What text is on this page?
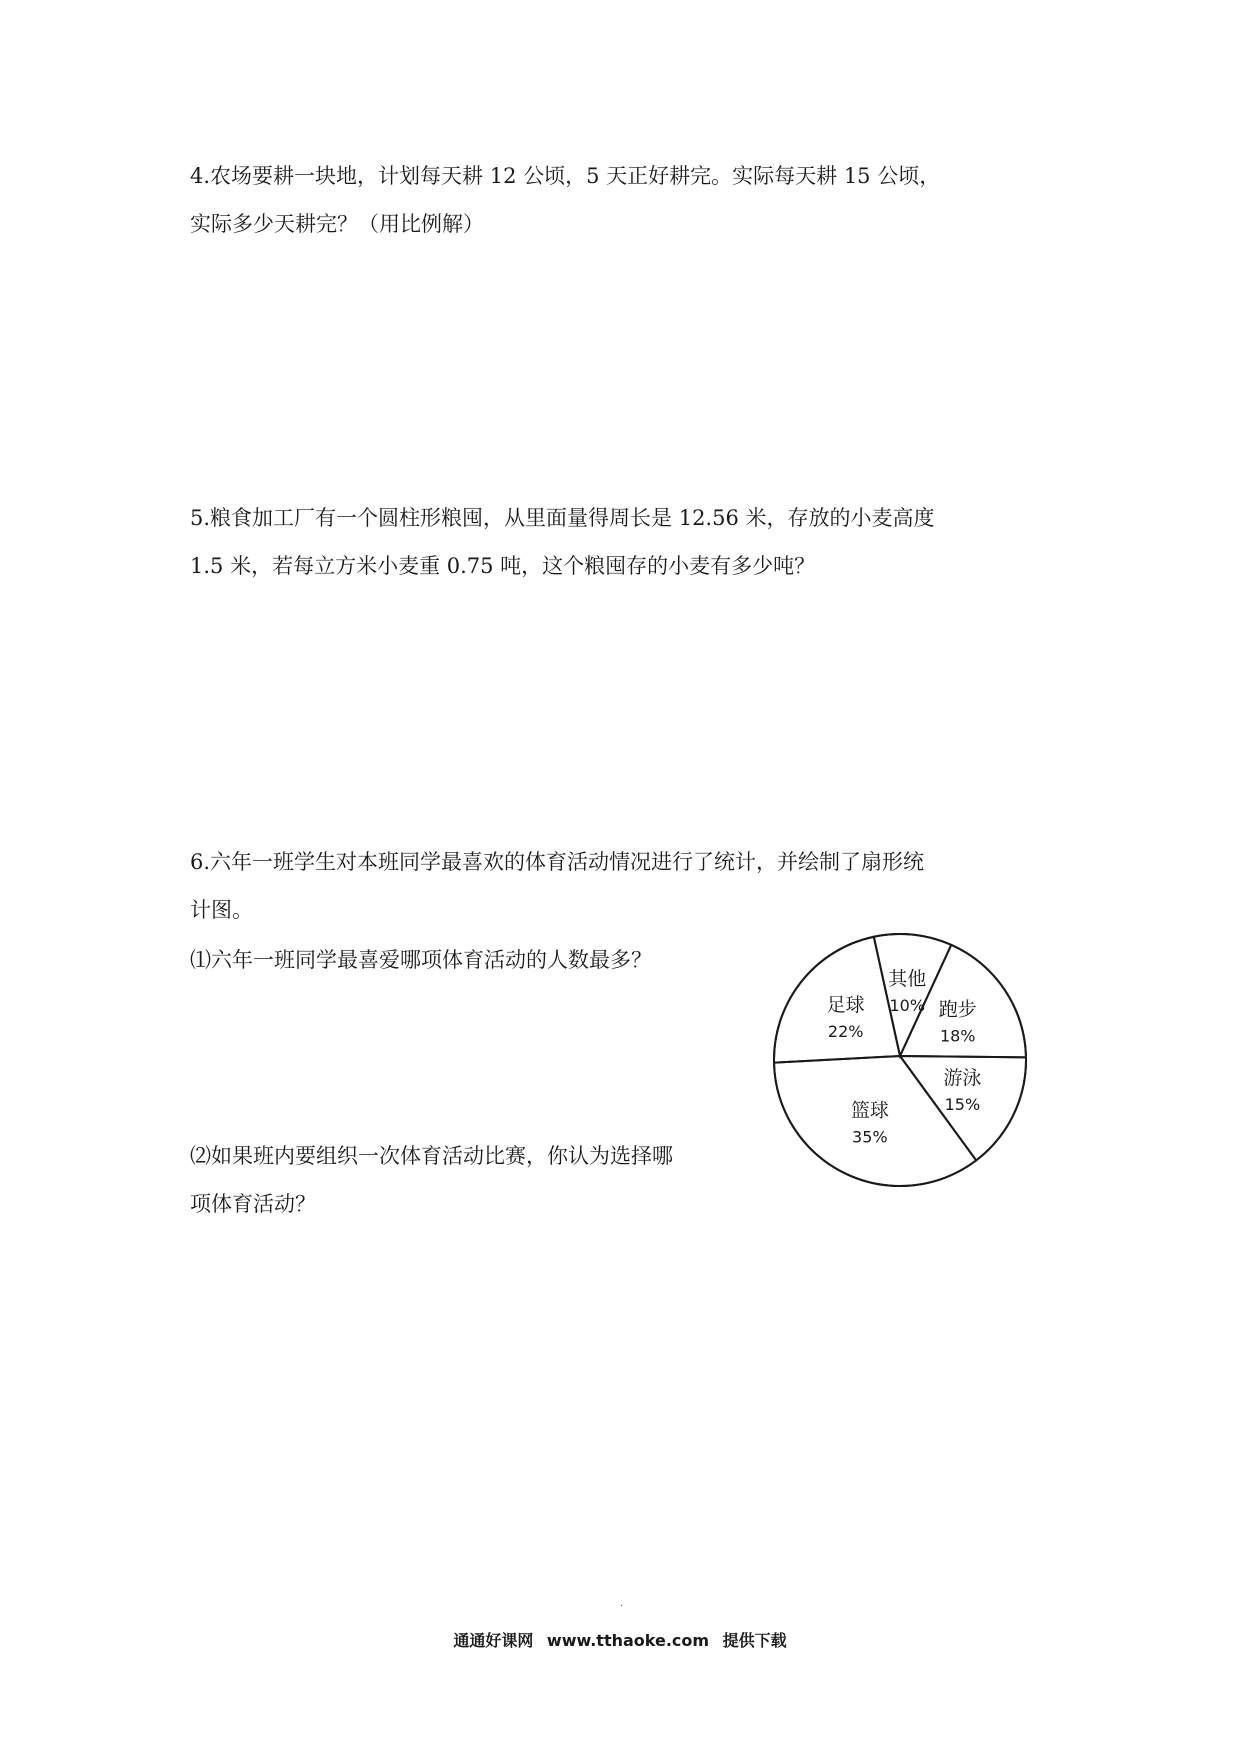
4.农场要耕一块地，计划每天耕 12 公顷，5 天正好耕完。实际每天耕 15 公顷，
实际多少天耕完？（用比例解）

5.粮食加工厂有一个圆柱形粮囤，从里面量得周长是 12.56 米，存放的小麦高度
1.5 米，若每立方米小麦重 0.75 吨，这个粮囤存的小麦有多少吨？

6.六年一班学生对本班同学最喜欢的体育活动情况进行了统计，并绘制了扇形统
计图。

⑴六年一班同学最喜爱哪项体育活动的人数最多？

⑵如果班内要组织一次体育活动比赛，你认为选择哪
项体育活动？

其他
10% 跑步
18%
游泳
15%
篮球
35%
足球
22%
.
通通好课网 www.tthaoke.com 提供下载
